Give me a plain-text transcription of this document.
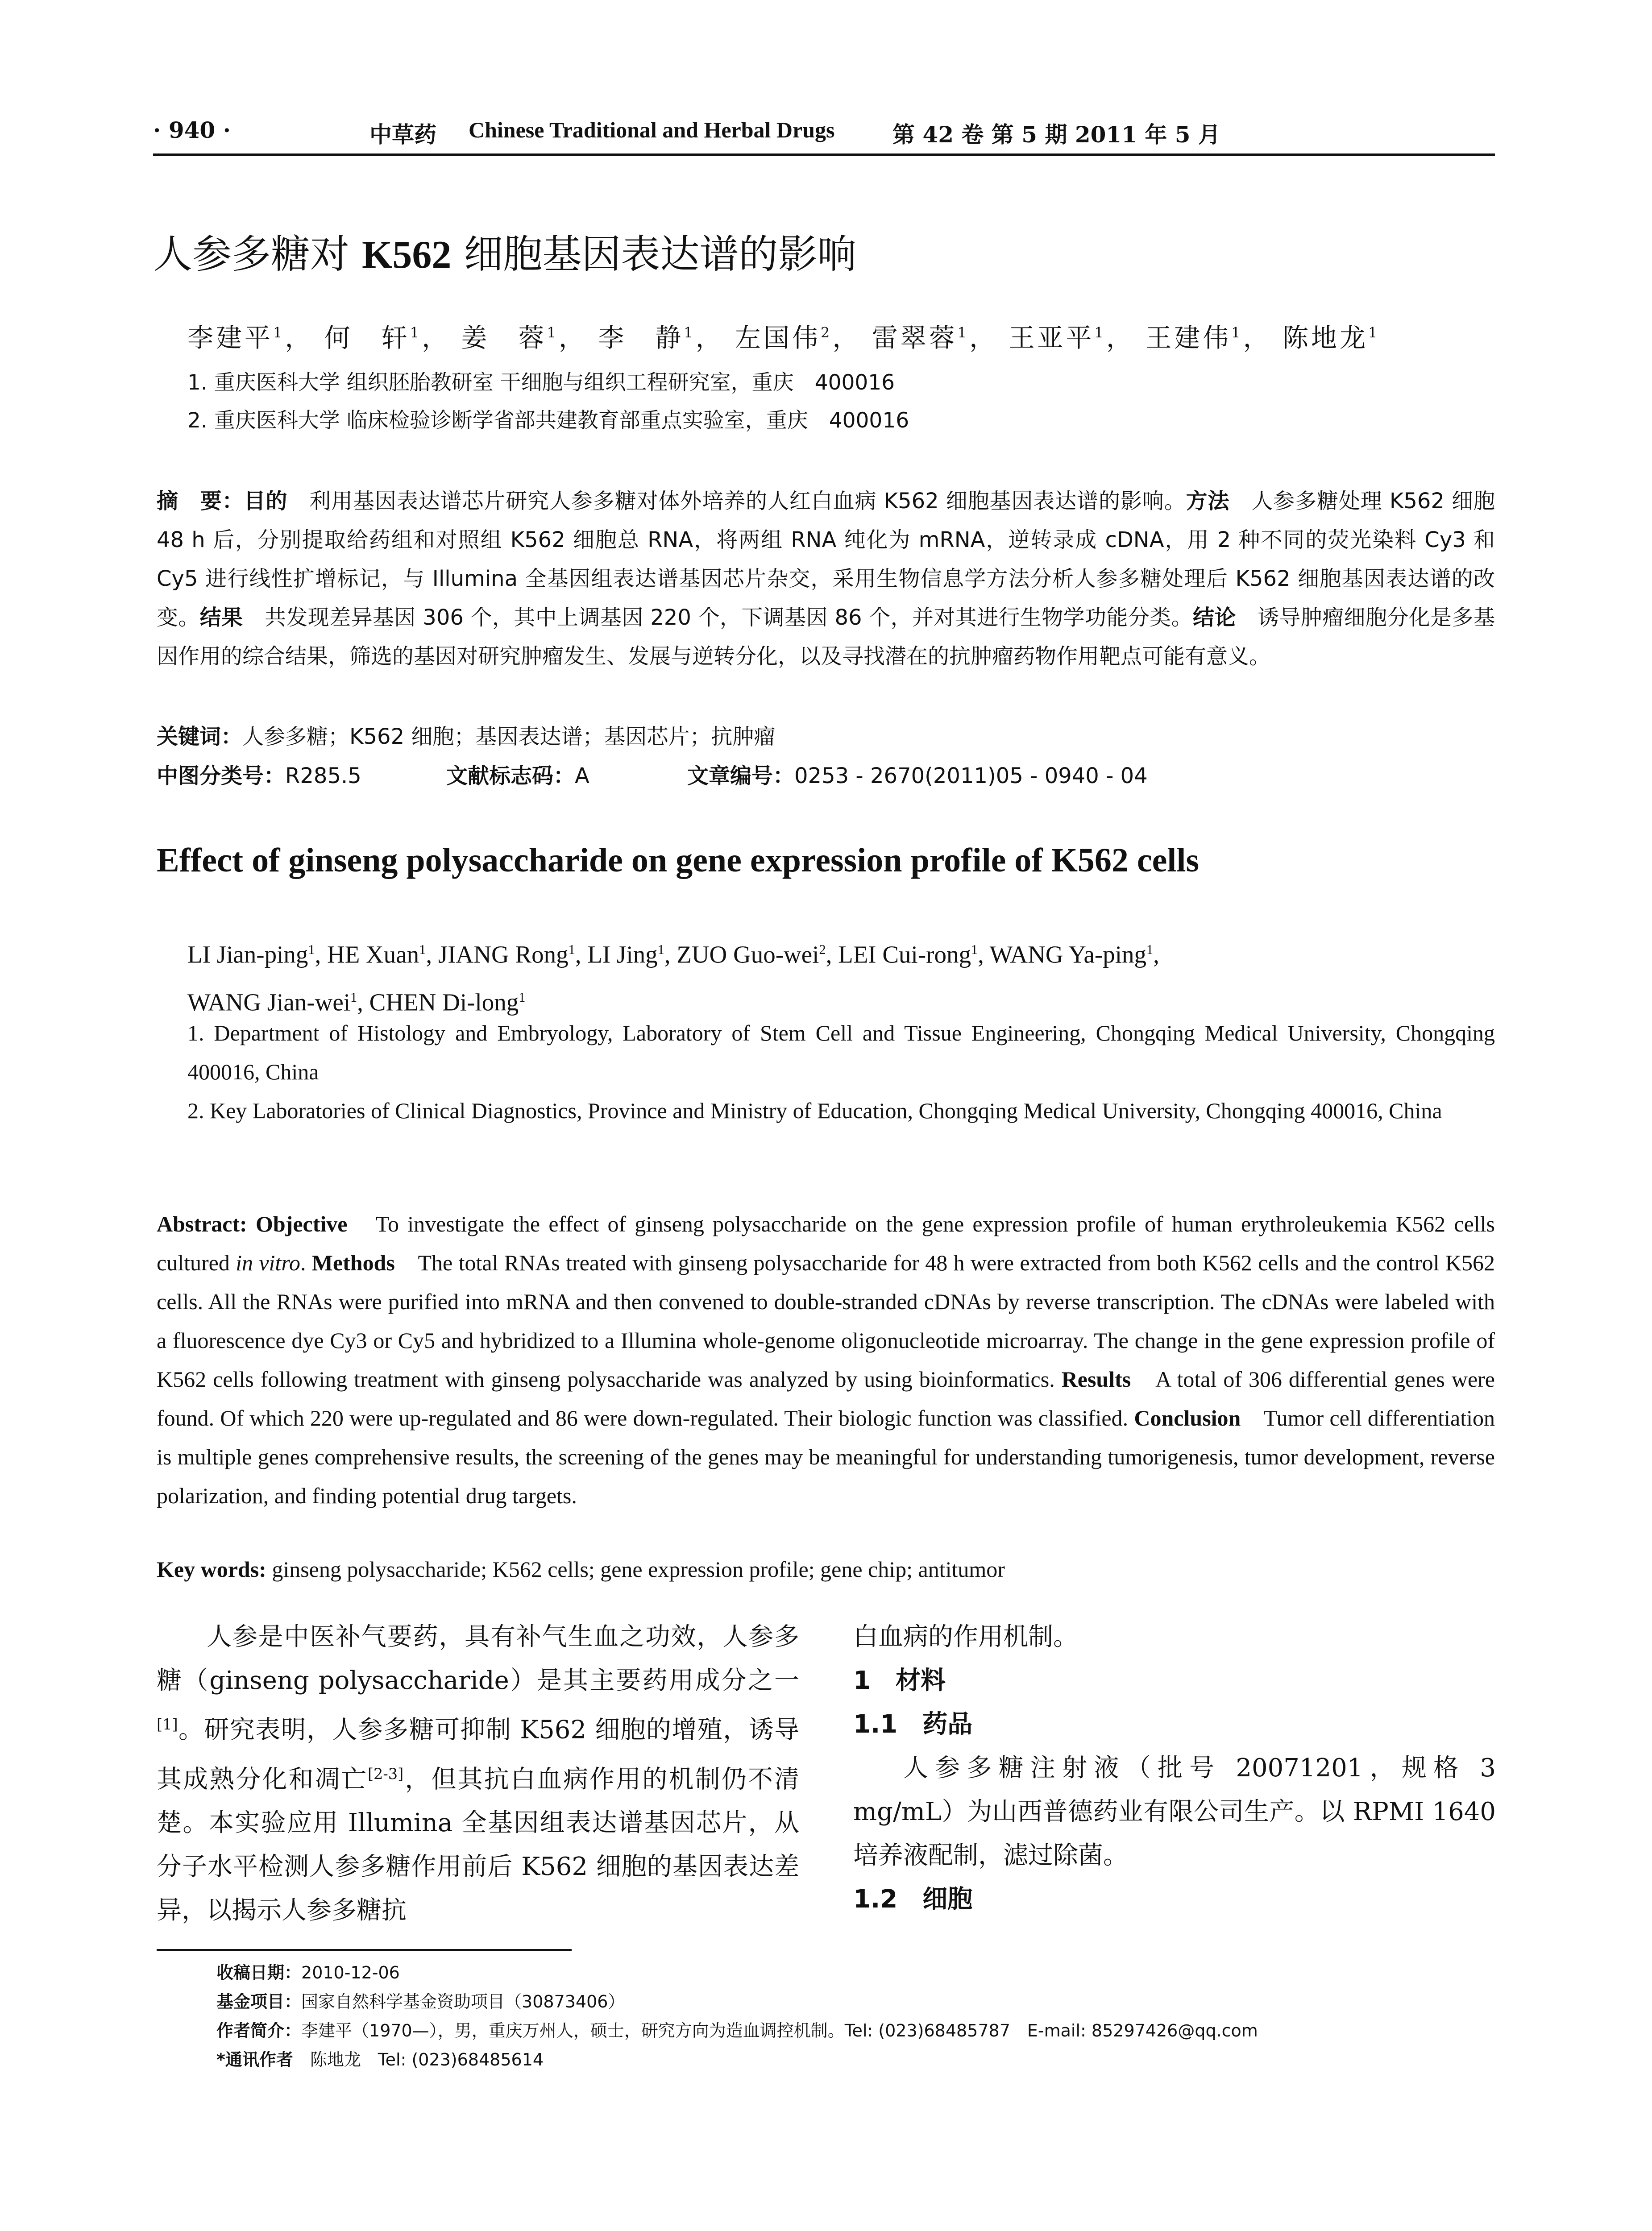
· 940 ·	中草药 Chinese Traditional and Herbal Drugs	第 42 卷 第 5 期 2011 年 5 月
人参多糖对 K562 细胞基因表达谱的影响
李建平$^1$， 何　轩$^1$， 姜　蓉$^1$， 李　静$^1$， 左国伟$^2$， 雷翠蓉$^1$， 王亚平$^1$， 王建伟$^1$， 陈地龙$^1$
1. 重庆医科大学 组织胚胎教研室 干细胞与组织工程研究室，重庆　400016
2. 重庆医科大学 临床检验诊断学省部共建教育部重点实验室，重庆　400016
摘　要：目的　利用基因表达谱芯片研究人参多糖对体外培养的人红白血病 K562 细胞基因表达谱的影响。方法　人参多糖处理 K562 细胞 48 h 后，分别提取给药组和对照组 K562 细胞总 RNA，将两组 RNA 纯化为 mRNA，逆转录成 cDNA，用 2 种不同的荧光染料 Cy3 和 Cy5 进行线性扩增标记，与 Illumina 全基因组表达谱基因芯片杂交，采用生物信息学方法分析人参多糖处理后 K562 细胞基因表达谱的改变。结果　共发现差异基因 306 个，其中上调基因 220 个，下调基因 86 个，并对其进行生物学功能分类。结论　诱导肿瘤细胞分化是多基因作用的综合结果，筛选的基因对研究肿瘤发生、发展与逆转分化，以及寻找潜在的抗肿瘤药物作用靶点可能有意义。
关键词：人参多糖；K562 细胞；基因表达谱；基因芯片；抗肿瘤
中图分类号：R285.5	文献标志码：A	文章编号：0253 - 2670(2011)05 - 0940 - 04
Effect of ginseng polysaccharide on gene expression profile of K562 cells
LI Jian-ping$^1$, HE Xuan$^1$, JIANG Rong$^1$, LI Jing$^1$, ZUO Guo-wei$^2$, LEI Cui-rong$^1$, WANG Ya-ping$^1$,
WANG Jian-wei$^1$, CHEN Di-long$^1$
1. Department of Histology and Embryology, Laboratory of Stem Cell and Tissue Engineering, Chongqing Medical University, Chongqing 400016, China
2. Key Laboratories of Clinical Diagnostics, Province and Ministry of Education, Chongqing Medical University, Chongqing 400016, China
Abstract: Objective　To investigate the effect of ginseng polysaccharide on the gene expression profile of human erythroleukemia K562 cells cultured in vitro. Methods　The total RNAs treated with ginseng polysaccharide for 48 h were extracted from both K562 cells and the control K562 cells. All the RNAs were purified into mRNA and then convened to double-stranded cDNAs by reverse transcription. The cDNAs were labeled with a fluorescence dye Cy3 or Cy5 and hybridized to a Illumina whole-genome oligonucleotide microarray. The change in the gene expression profile of K562 cells following treatment with ginseng polysaccharide was analyzed by using bioinformatics. Results　A total of 306 differential genes were found. Of which 220 were up-regulated and 86 were down-regulated. Their biologic function was classified. Conclusion　Tumor cell differentiation is multiple genes comprehensive results, the screening of the genes may be meaningful for understanding tumorigenesis, tumor development, reverse polarization, and finding potential drug targets.
Key words: ginseng polysaccharide; K562 cells; gene expression profile; gene chip; antitumor
人参是中医补气要药，具有补气生血之功效，人参多糖（ginseng polysaccharide）是其主要药用成分之一[1]。研究表明，人参多糖可抑制 K562 细胞的增殖，诱导其成熟分化和凋亡[2-3]，但其抗白血病作用的机制仍不清楚。本实验应用 Illumina 全基因组表达谱基因芯片，从分子水平检测人参多糖作用前后 K562 细胞的基因表达差异，以揭示人参多糖抗
白血病的作用机制。
1　材料
1.1　药品
人参多糖注射液（批号 20071201，规格 3 mg/mL）为山西普德药业有限公司生产。以 RPMI 1640 培养液配制，滤过除菌。
1.2　细胞
收稿日期：2010-12-06
基金项目：国家自然科学基金资助项目（30873406）
作者简介：李建平（1970—），男，重庆万州人，硕士，研究方向为造血调控机制。Tel: (023)68485787　E-mail: 85297426@qq.com
*通讯作者　陈地龙　Tel: (023)68485614
